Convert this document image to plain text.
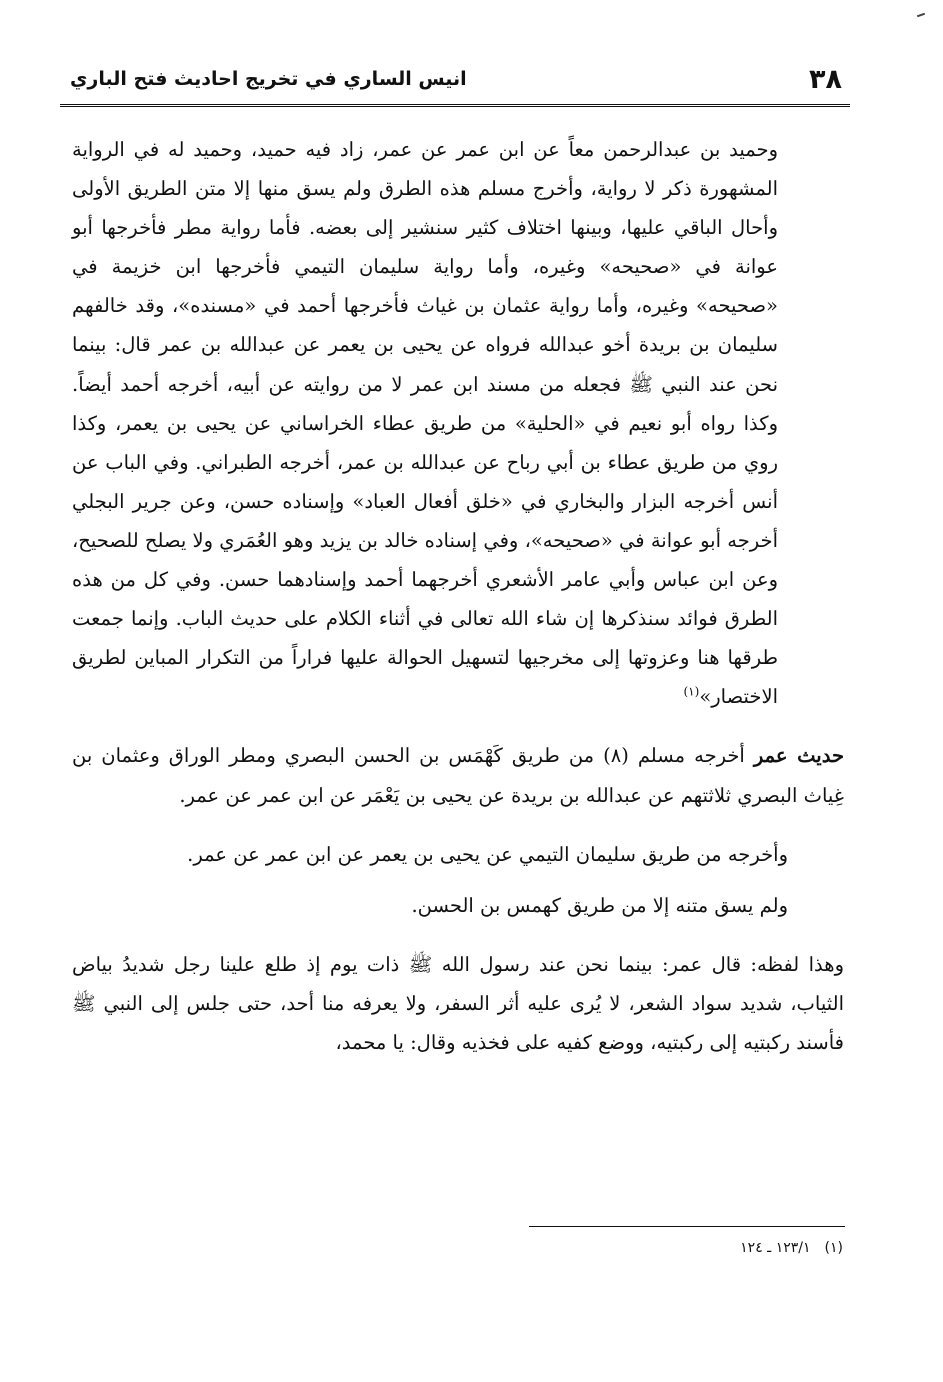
٣٨
انيس الساري في تخريج احاديث فتح الباري

وحميد بن عبدالرحمن معاً عن ابن عمر عن عمر، زاد فيه حميد، وحميد له في الرواية المشهورة ذكر لا رواية، وأخرج مسلم هذه الطرق ولم يسق منها إلا متن الطريق الأولى وأحال الباقي عليها، وبينها اختلاف كثير سنشير إلى بعضه. فأما رواية مطر فأخرجها أبو عوانة في «صحيحه» وغيره، وأما رواية سليمان التيمي فأخرجها ابن خزيمة في «صحيحه» وغيره، وأما رواية عثمان بن غياث فأخرجها أحمد في «مسنده»، وقد خالفهم سليمان بن بريدة أخو عبدالله فرواه عن يحيى بن يعمر عن عبدالله بن عمر قال: بينما نحن عند النبي ﷺ فجعله من مسند ابن عمر لا من روايته عن أبيه، أخرجه أحمد أيضاً. وكذا رواه أبو نعيم في «الحلية» من طريق عطاء الخراساني عن يحيى بن يعمر، وكذا روي من طريق عطاء بن أبي رباح عن عبدالله بن عمر، أخرجه الطبراني. وفي الباب عن أنس أخرجه البزار والبخاري في «خلق أفعال العباد» وإسناده حسن، وعن جرير البجلي أخرجه أبو عوانة في «صحيحه»، وفي إسناده خالد بن يزيد وهو العُمَري ولا يصلح للصحيح، وعن ابن عباس وأبي عامر الأشعري أخرجهما أحمد وإسنادهما حسن. وفي كل من هذه الطرق فوائد سنذكرها إن شاء الله تعالى في أثناء الكلام على حديث الباب. وإنما جمعت طرقها هنا وعزوتها إلى مخرجيها لتسهيل الحوالة عليها فراراً من التكرار المباين لطريق الاختصار»$^{(١)}$

حديث عمر أخرجه مسلم (٨) من طريق كَهْمَس بن الحسن البصري ومطر الوراق وعثمان بن غِياث البصري ثلاثتهم عن عبدالله بن بريدة عن يحيى بن يَعْمَر عن ابن عمر عن عمر.

وأخرجه من طريق سليمان التيمي عن يحيى بن يعمر عن ابن عمر عن عمر.

ولم يسق متنه إلا من طريق كهمس بن الحسن.

وهذا لفظه: قال عمر: بينما نحن عند رسول الله ﷺ ذات يوم إذ طلع علينا رجل شديدُ بياض الثياب، شديد سواد الشعر، لا يُرى عليه أثر السفر، ولا يعرفه منا أحد، حتى جلس إلى النبي ﷺ فأسند ركبتيه إلى ركبتيه، ووضع كفيه على فخذيه وقال: يا محمد،

(١)١٢٣/١ ـ ١٢٤
